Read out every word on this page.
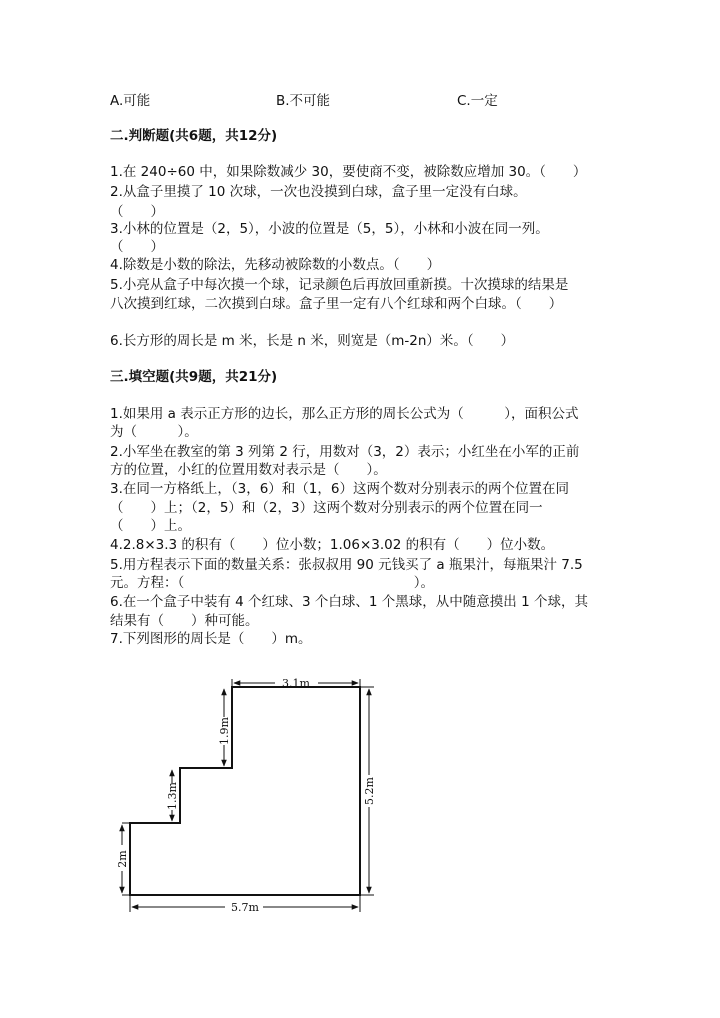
A.可能	B.不可能	C.一定
二.判断题(共6题，共12分)
1.在 240÷60 中，如果除数减少 30，要使商不变，被除数应增加 30。（　　）
2.从盒子里摸了 10 次球，一次也没摸到白球，盒子里一定没有白球。
（　　）
3.小林的位置是（2，5），小波的位置是（5，5），小林和小波在同一列。
（　　）
4.除数是小数的除法，先移动被除数的小数点。（　　）
5.小亮从盒子中每次摸一个球，记录颜色后再放回重新摸。十次摸球的结果是
八次摸到红球，二次摸到白球。盒子里一定有八个红球和两个白球。（　　）
6.长方形的周长是 m 米，长是 n 米，则宽是（m-2n）米。（　　）
三.填空题(共9题，共21分)
1.如果用 a 表示正方形的边长，那么正方形的周长公式为（　　　），面积公式
为（　　　）。
2.小军坐在教室的第 3 列第 2 行，用数对（3，2）表示；小红坐在小军的正前
方的位置，小红的位置用数对表示是（　　）。
3.在同一方格纸上，（3，6）和（1，6）这两个数对分别表示的两个位置在同
（　　）上；（2，5）和（2，3）这两个数对分别表示的两个位置在同一
（　　）上。
4.2.8×3.3 的积有（　　）位小数；1.06×3.02 的积有（　　）位小数。
5.用方程表示下面的数量关系：张叔叔用 90 元钱买了 a 瓶果汁，每瓶果汁 7.5
元。方程：（　　　　　　　　　　　　　　　　　）。
6.在一个盒子中装有 4 个红球、3 个白球、1 个黑球，从中随意摸出 1 个球，其
结果有（　　）种可能。
7.下列图形的周长是（　　）m。
3.1m
1.9m
1.3m
2m
5.2m
5.7m
